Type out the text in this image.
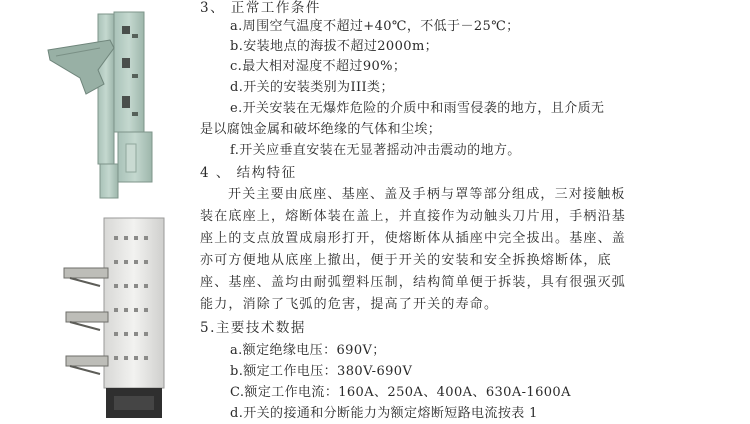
3、 正常工作条件
a.周围空气温度不超过+40℃，不低于－25℃；
b.安装地点的海拔不超过2000m；
c.最大相对湿度不超过90%；
d.开关的安装类别为III类；
e.开关安装在无爆炸危险的介质中和雨雪侵袭的地方，且介质无
是以腐蚀金属和破坏绝缘的气体和尘埃；
f.开关应垂直安装在无显著摇动冲击震动的地方。
4 、 结构特征
开关主要由底座、基座、盖及手柄与罩等部分组成，三对接触板
装在底座上，熔断体装在盖上，并直接作为动触头刀片用，手柄沿基
座上的支点放置成扇形打开，使熔断体从插座中完全拔出。基座、盖
亦可方便地从底座上撤出，便于开关的安装和安全拆换熔断体，底
座、基座、盖均由耐弧塑料压制，结构简单便于拆装，具有很强灭弧
能力，消除了飞弧的危害，提高了开关的寿命。
5.主要技术数据
a.额定绝缘电压：690V；
b.额定工作电压：380V-690V
C.额定工作电流：160A、250A、400A、630A-1600A
d.开关的接通和分断能力为额定熔断短路电流按表 1
